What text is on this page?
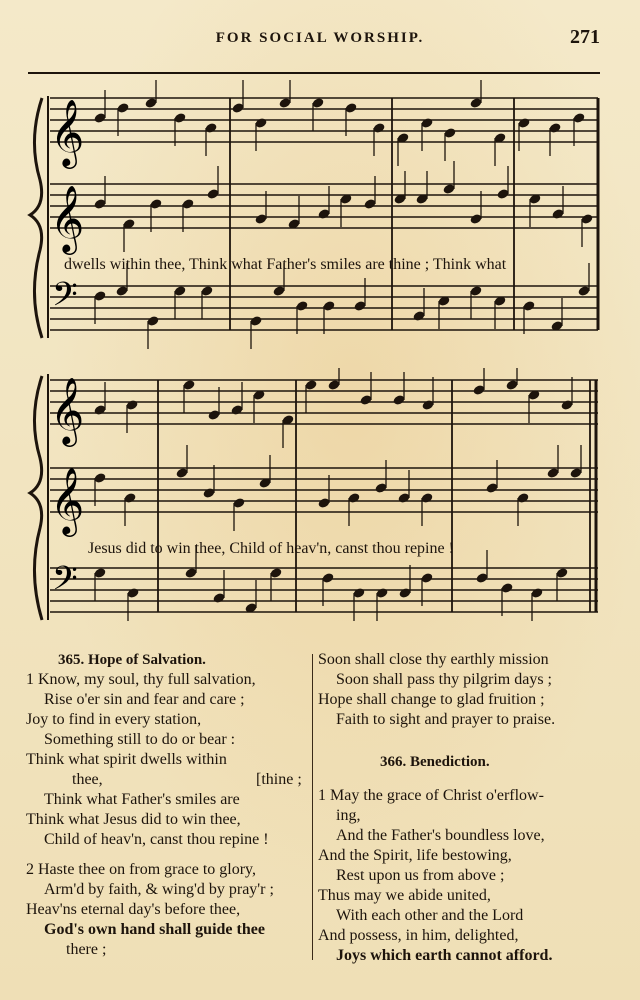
FOR SOCIAL WORSHIP.	271
𝄞
𝄞
𝄢
dwells within thee, Think what Father's smiles are thine ; Think what
𝄞
𝄞
𝄢
Jesus did to win thee, Child of heav'n, canst thou repine !
365. Hope of Salvation.
1 Know, my soul, thy full salvation,
Rise o'er sin and fear and care ;
Joy to find in every station,
Something still to do or bear :
Think what spirit dwells within
thee,	[thine ;
Think what Father's smiles are
Think what Jesus did to win thee,
Child of heav'n, canst thou repine !
2 Haste thee on from grace to glory,
Arm'd by faith, & wing'd by pray'r ;
Heav'ns eternal day's before thee,
God's own hand shall guide thee
there ;
Soon shall close thy earthly mission
Soon shall pass thy pilgrim days ;
Hope shall change to glad fruition ;
Faith to sight and prayer to praise.
366. Benediction.
1 May the grace of Christ o'erflow-
ing,
And the Father's boundless love,
And the Spirit, life bestowing,
Rest upon us from above ;
Thus may we abide united,
With each other and the Lord
And possess, in him, delighted,
Joys which earth cannot afford.
